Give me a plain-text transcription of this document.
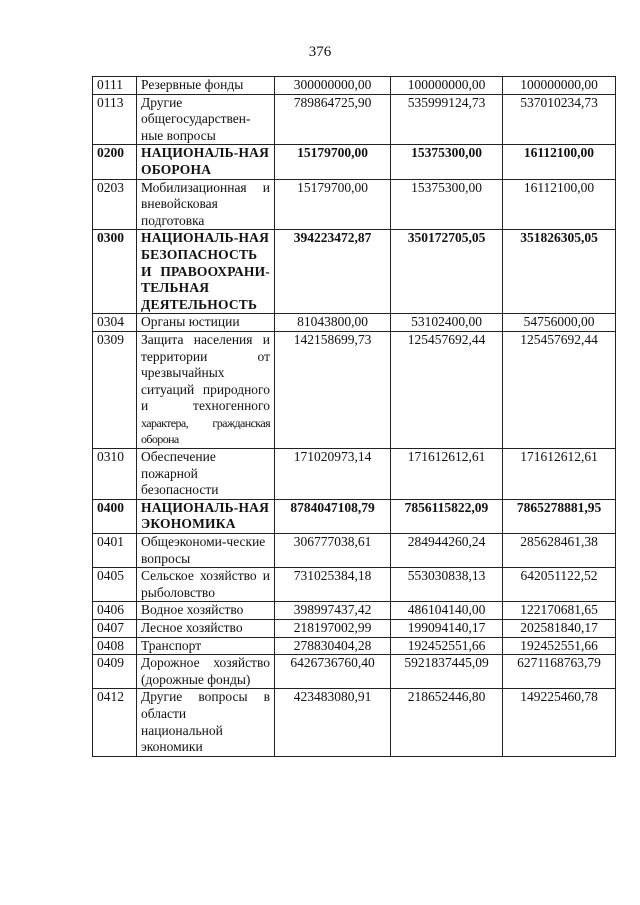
376
0111	Резервные фонды	300000000,00	100000000,00	100000000,00
0113	Другие общегосударствен-ные вопросы	789864725,90	535999124,73	537010234,73
0200	НАЦИОНАЛЬ-НАЯ ОБОРОНА	15179700,00	15375300,00	16112100,00
0203	Мобилизационная и вневойсковая подготовка	15179700,00	15375300,00	16112100,00
0300	НАЦИОНАЛЬ-НАЯ БЕЗОПАСНОСТЬ И ПРАВООХРАНИ-ТЕЛЬНАЯ ДЕЯТЕЛЬНОСТЬ	394223472,87	350172705,05	351826305,05
0304	Органы юстиции	81043800,00	53102400,00	54756000,00
0309	Защита населения и территории от чрезвычайных ситуаций природного и техногенного характера, гражданская оборона	142158699,73	125457692,44	125457692,44
0310	Обеспечение пожарной безопасности	171020973,14	171612612,61	171612612,61
0400	НАЦИОНАЛЬ-НАЯ ЭКОНОМИКА	8784047108,79	7856115822,09	7865278881,95
0401	Общеэкономи-ческие вопросы	306777038,61	284944260,24	285628461,38
0405	Сельское хозяйство и рыболовство	731025384,18	553030838,13	642051122,52
0406	Водное хозяйство	398997437,42	486104140,00	122170681,65
0407	Лесное хозяйство	218197002,99	199094140,17	202581840,17
0408	Транспорт	278830404,28	192452551,66	192452551,66
0409	Дорожное хозяйство (дорожные фонды)	6426736760,40	5921837445,09	6271168763,79
0412	Другие вопросы в области национальной экономики	423483080,91	218652446,80	149225460,78
